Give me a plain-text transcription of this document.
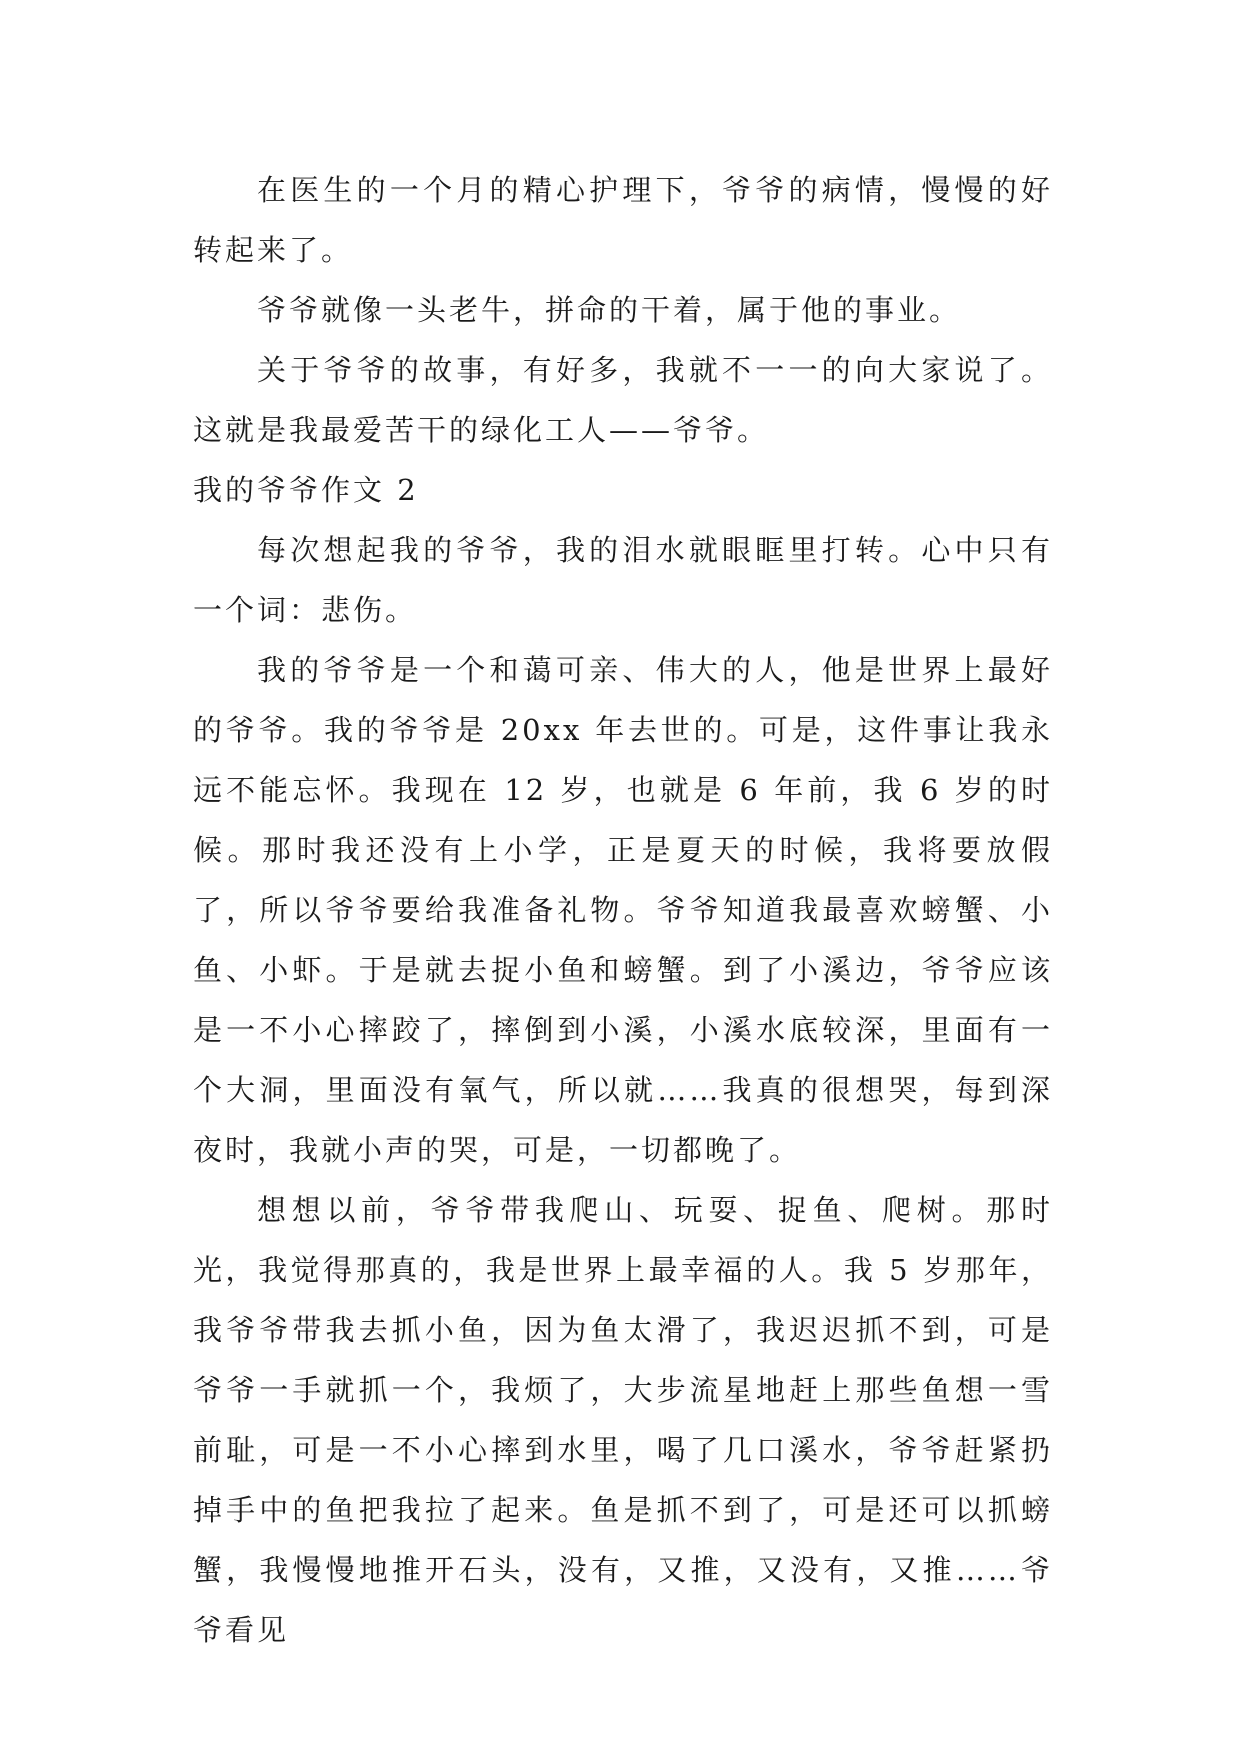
在医生的一个月的精心护理下，爷爷的病情，慢慢的好转起来了。

爷爷就像一头老牛，拼命的干着，属于他的事业。

关于爷爷的故事，有好多，我就不一一的向大家说了。这就是我最爱苦干的绿化工人——爷爷。

我的爷爷作文 2

每次想起我的爷爷，我的泪水就眼眶里打转。心中只有一个词：悲伤。

我的爷爷是一个和蔼可亲、伟大的人，他是世界上最好的爷爷。我的爷爷是 20xx 年去世的。可是，这件事让我永远不能忘怀。我现在 12 岁，也就是 6 年前，我 6 岁的时候。那时我还没有上小学，正是夏天的时候，我将要放假了，所以爷爷要给我准备礼物。爷爷知道我最喜欢螃蟹、小鱼、小虾。于是就去捉小鱼和螃蟹。到了小溪边，爷爷应该是一不小心摔跤了，摔倒到小溪，小溪水底较深，里面有一个大洞，里面没有氧气，所以就……我真的很想哭，每到深夜时，我就小声的哭，可是，一切都晚了。

想想以前，爷爷带我爬山、玩耍、捉鱼、爬树。那时光，我觉得那真的，我是世界上最幸福的人。我 5 岁那年，我爷爷带我去抓小鱼，因为鱼太滑了，我迟迟抓不到，可是爷爷一手就抓一个，我烦了，大步流星地赶上那些鱼想一雪前耻，可是一不小心摔到水里，喝了几口溪水，爷爷赶紧扔掉手中的鱼把我拉了起来。鱼是抓不到了，可是还可以抓螃蟹，我慢慢地推开石头，没有，又推，又没有，又推……爷爷看见
